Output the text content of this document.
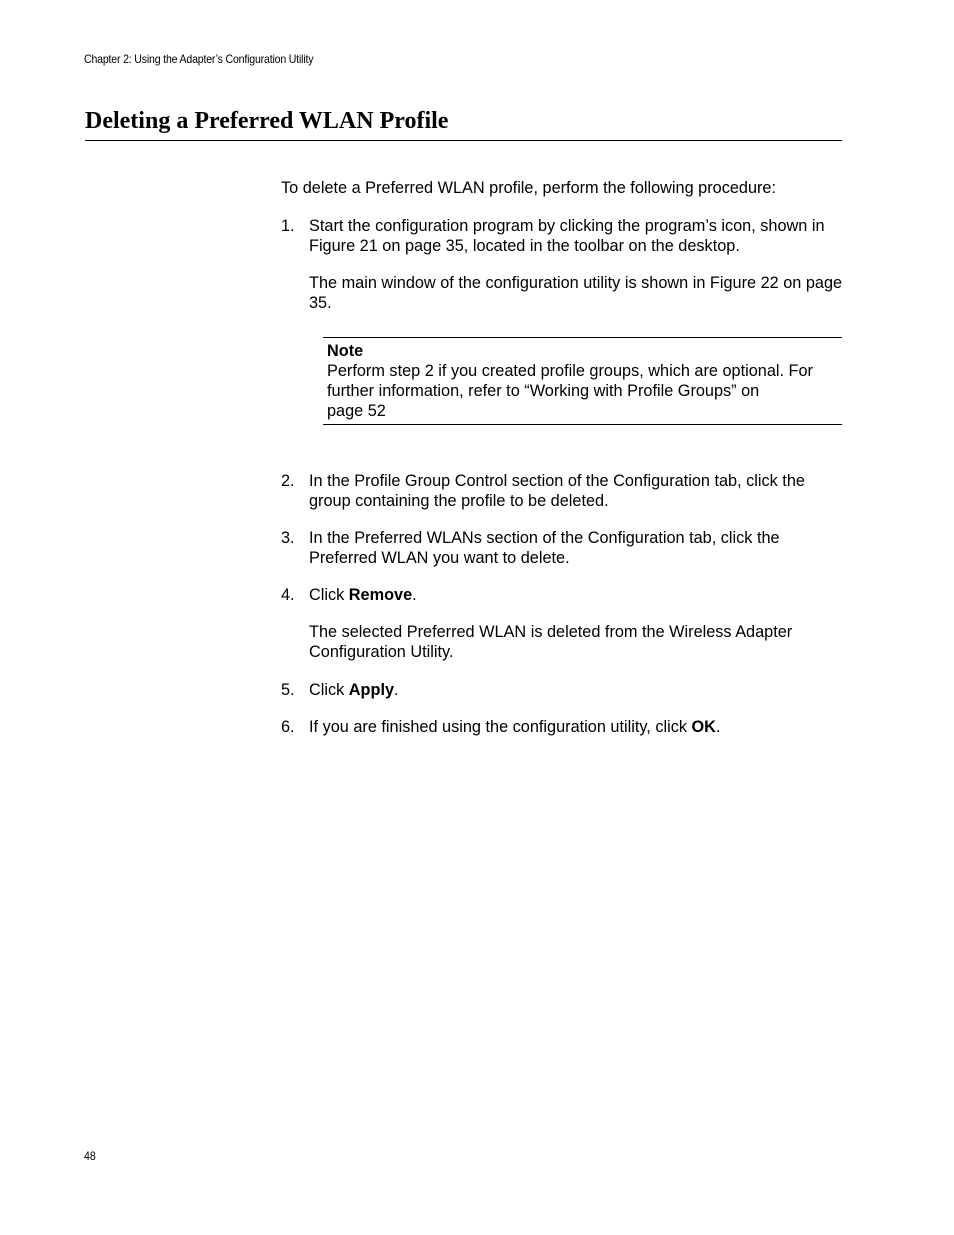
Chapter 2: Using the Adapter’s Configuration Utility
Deleting a Preferred WLAN Profile

To delete a Preferred WLAN profile, perform the following procedure:

1. Start the configuration program by clicking the program’s icon, shown in Figure 21 on page 35, located in the toolbar on the desktop.

The main window of the configuration utility is shown in Figure 22 on page 35.

Note
Perform step 2 if you created profile groups, which are optional. For
further information, refer to “Working with Profile Groups” on
page 52
2. In the Profile Group Control section of the Configuration tab, click the group containing the profile to be deleted.
3. In the Preferred WLANs section of the Configuration tab, click the Preferred WLAN you want to delete.
4. Click Remove.

The selected Preferred WLAN is deleted from the Wireless Adapter Configuration Utility.

5. Click Apply.
6. If you are finished using the configuration utility, click OK.
48
